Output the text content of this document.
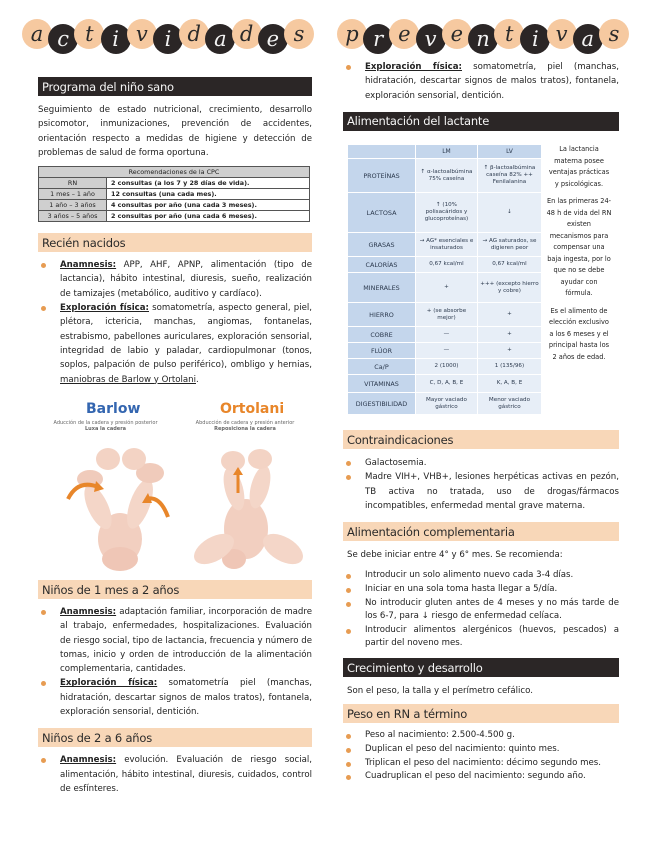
a c t i v i d a d e s	p r e v e n t i v a s
Programa del niño sano
Seguimiento de estado nutricional, crecimiento, desarrollo psicomotor, inmunizaciones, prevención de accidentes, orientación respecto a medidas de higiene y detección de problemas de salud de forma oportuna.
Recomendaciones de la CPC	
RN	2 consultas (a los 7 y 28 días de vida).
1 mes – 1 año	12 consultas (una cada mes).
1 año – 3 años	4 consultas por año (una cada 3 meses).
3 años – 5 años	2 consultas por año (una cada 6 meses).
Recién nacidos
Anamnesis: APP, AHF, APNP, alimentación (tipo de lactancia), hábito intestinal, diuresis, sueño, realización de tamizajes (metabólico, auditivo y cardíaco).
Exploración física: somatometría, aspecto general, piel, plétora, ictericia, manchas, angiomas, fontanelas, estrabismo, pabellones auriculares, exploración sensorial, integridad de labio y paladar, cardiopulmonar (tonos, soplos, palpación de pulso periférico), ombligo y hernias, maniobras de Barlow y Ortolani.
Barlow
Aducción de la cadera y presión posterior
Luxa la cadera
Ortolani
Abducción de cadera y presión anterior
Reposiciona la cadera
Niños de 1 mes a 2 años
Anamnesis: adaptación familiar, incorporación de madre al trabajo, enfermedades, hospitalizaciones. Evaluación de riesgo social, tipo de lactancia, frecuencia y número de tomas, inicio y orden de introducción de la alimentación complementaria, cantidades.
Exploración física: somatometría piel (manchas, hidratación, descartar signos de malos tratos), fontanela, exploración sensorial, dentición.
Niños de 2 a 6 años
Anamnesis: evolución. Evaluación de riesgo social, alimentación, hábito intestinal, diuresis, cuidados, control de esfínteres.
Exploración física: somatometría, piel (manchas, hidratación, descartar signos de malos tratos), fontanela, exploración sensorial, dentición.
Alimentación del lactante
	LM	LV
PROTEÍNAS	↑ α-lactoalbúmina 75% caseína	↑ β-lactoalbúmina caseína 82% ++ Fenilalanina
LACTOSA	↑ (10% polisacáridos y glucoproteínas)	↓
GRASAS	→ AG* esenciales e insaturados	→ AG saturados, se digieren peor
CALORÍAS	0,67 kcal/ml	0,67 kcal/ml
MINERALES	+	+++ (excepto hierro y cobre)
HIERRO	+ (se absorbe mejor)	+
COBRE	—	+
FLÚOR	—	+
Ca/P	2 (1000)	1 (135/96)
VITAMINAS	C, D, A, B, E	K, A, B, E
DIGESTIBILIDAD	Mayor vaciado gástrico	Menor vaciado gástrico
La lactancia materna posee ventajas prácticas y psicológicas.
En las primeras 24-48 h de vida del RN existen mecanismos para compensar una baja ingesta, por lo que no se debe ayudar con fórmula.
Es el alimento de elección exclusivo a los 6 meses y el principal hasta los 2 años de edad.
Contraindicaciones
Galactosemia.
Madre VIH+, VHB+, lesiones herpéticas activas en pezón, TB activa no tratada, uso de drogas/fármacos incompatibles, enfermedad mental grave materna.
Alimentación complementaria
Se debe iniciar entre 4° y 6° mes. Se recomienda:
Introducir un solo alimento nuevo cada 3-4 días.
Iniciar en una sola toma hasta llegar a 5/día.
No introducir gluten antes de 4 meses y no más tarde de los 6-7, para ↓ riesgo de enfermedad celíaca.
Introducir alimentos alergénicos (huevos, pescados) a partir del noveno mes.
Crecimiento y desarrollo
Son el peso, la talla y el perímetro cefálico.
Peso en RN a término
Peso al nacimiento: 2.500-4.500 g.
Duplican el peso del nacimiento: quinto mes.
Triplican el peso del nacimiento: décimo segundo mes.
Cuadruplican el peso del nacimiento: segundo año.
